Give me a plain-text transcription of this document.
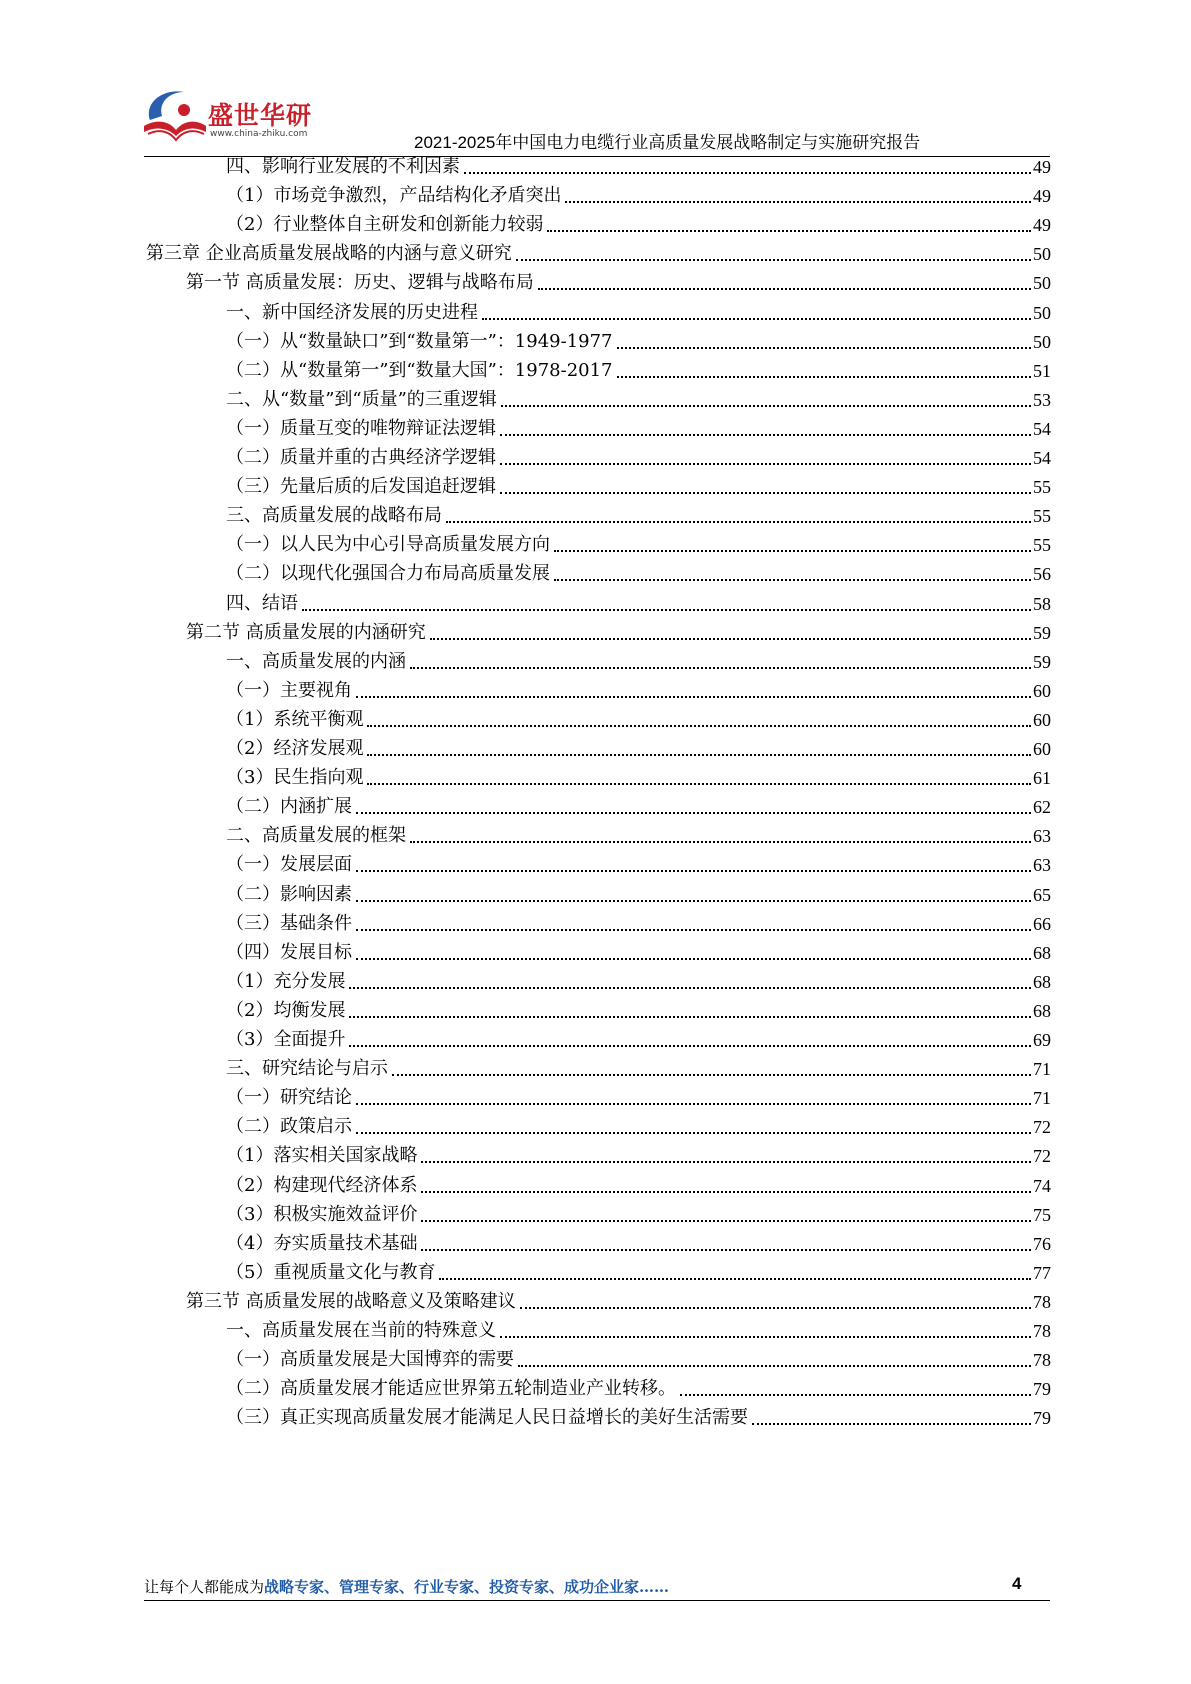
盛世华研
www.china-zhiku.com	2021-2025年中国电力电缆行业高质量发展战略制定与实施研究报告
四、影响行业发展的不利因素	49
（1）市场竞争激烈，产品结构化矛盾突出	49
（2）行业整体自主研发和创新能力较弱	49
第三章 企业高质量发展战略的内涵与意义研究	50
第一节 高质量发展：历史、逻辑与战略布局	50
一、新中国经济发展的历史进程	50
（一）从“数量缺口”到“数量第一”：1949-1977	50
（二）从“数量第一”到“数量大国”：1978-2017	51
二、从“数量”到“质量”的三重逻辑	53
（一）质量互变的唯物辩证法逻辑	54
（二）质量并重的古典经济学逻辑	54
（三）先量后质的后发国追赶逻辑	55
三、高质量发展的战略布局	55
（一）以人民为中心引导高质量发展方向	55
（二）以现代化强国合力布局高质量发展	56
四、结语	58
第二节 高质量发展的内涵研究	59
一、高质量发展的内涵	59
（一）主要视角	60
（1）系统平衡观	60
（2）经济发展观	60
（3）民生指向观	61
（二）内涵扩展	62
二、高质量发展的框架	63
（一）发展层面	63
（二）影响因素	65
（三）基础条件	66
（四）发展目标	68
（1）充分发展	68
（2）均衡发展	68
（3）全面提升	69
三、研究结论与启示	71
（一）研究结论	71
（二）政策启示	72
（1）落实相关国家战略	72
（2）构建现代经济体系	74
（3）积极实施效益评价	75
（4）夯实质量技术基础	76
（5）重视质量文化与教育	77
第三节 高质量发展的战略意义及策略建议	78
一、高质量发展在当前的特殊意义	78
（一）高质量发展是大国博弈的需要	78
（二）高质量发展才能适应世界第五轮制造业产业转移。	79
（三）真正实现高质量发展才能满足人民日益增长的美好生活需要	79
让每个人都能成为战略专家、管理专家、行业专家、投资专家、成功企业家……	4
